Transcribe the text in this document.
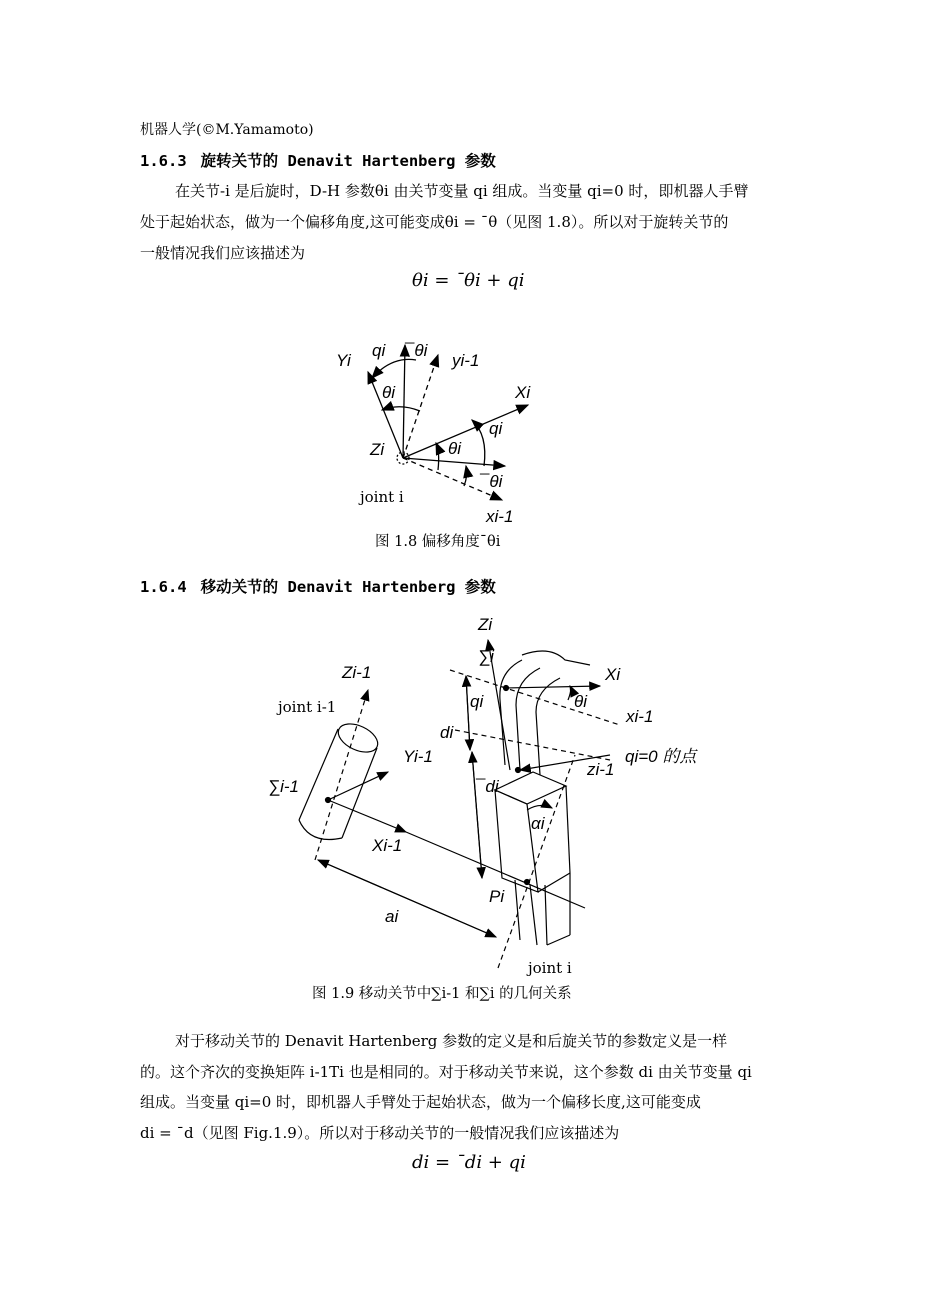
机器人学(©M.Yamamoto)
1.6.3 旋转关节的 Denavit Hartenberg 参数
在关节-i 是后旋时，D-H 参数θi 由关节变量 qi 组成。当变量 qi=0 时，即机器人手臂
处于起始状态，做为一个偏移角度,这可能变成θi = ¯θ（见图 1.8）。所以对于旋转关节的
一般情况我们应该描述为
θi = ¯θi + qi
Yi
qi ¯θi
yi-1
θi	Xi
qi
Zi	θi
¯θi
joint i
xi-1
图 1.8 偏移角度¯θi
1.6.4 移动关节的 Denavit Hartenberg 参数
Zi
∑i
Xi
Zi-1
joint i-1	qi	θi
xi-1
di
Yi-1	qi=0 的点
zi-1
∑i-1	¯di
αi
Xi-1
Pi
ai
joint i
图 1.9 移动关节中∑i-1 和∑i 的几何关系
对于移动关节的 Denavit Hartenberg 参数的定义是和后旋关节的参数定义是一样
的。这个齐次的变换矩阵 i-1Ti 也是相同的。对于移动关节来说，这个参数 di 由关节变量 qi
组成。当变量 qi=0 时，即机器人手臂处于起始状态，做为一个偏移长度,这可能变成
di = ¯d（见图 Fig.1.9）。所以对于移动关节的一般情况我们应该描述为
di = ¯di + qi
